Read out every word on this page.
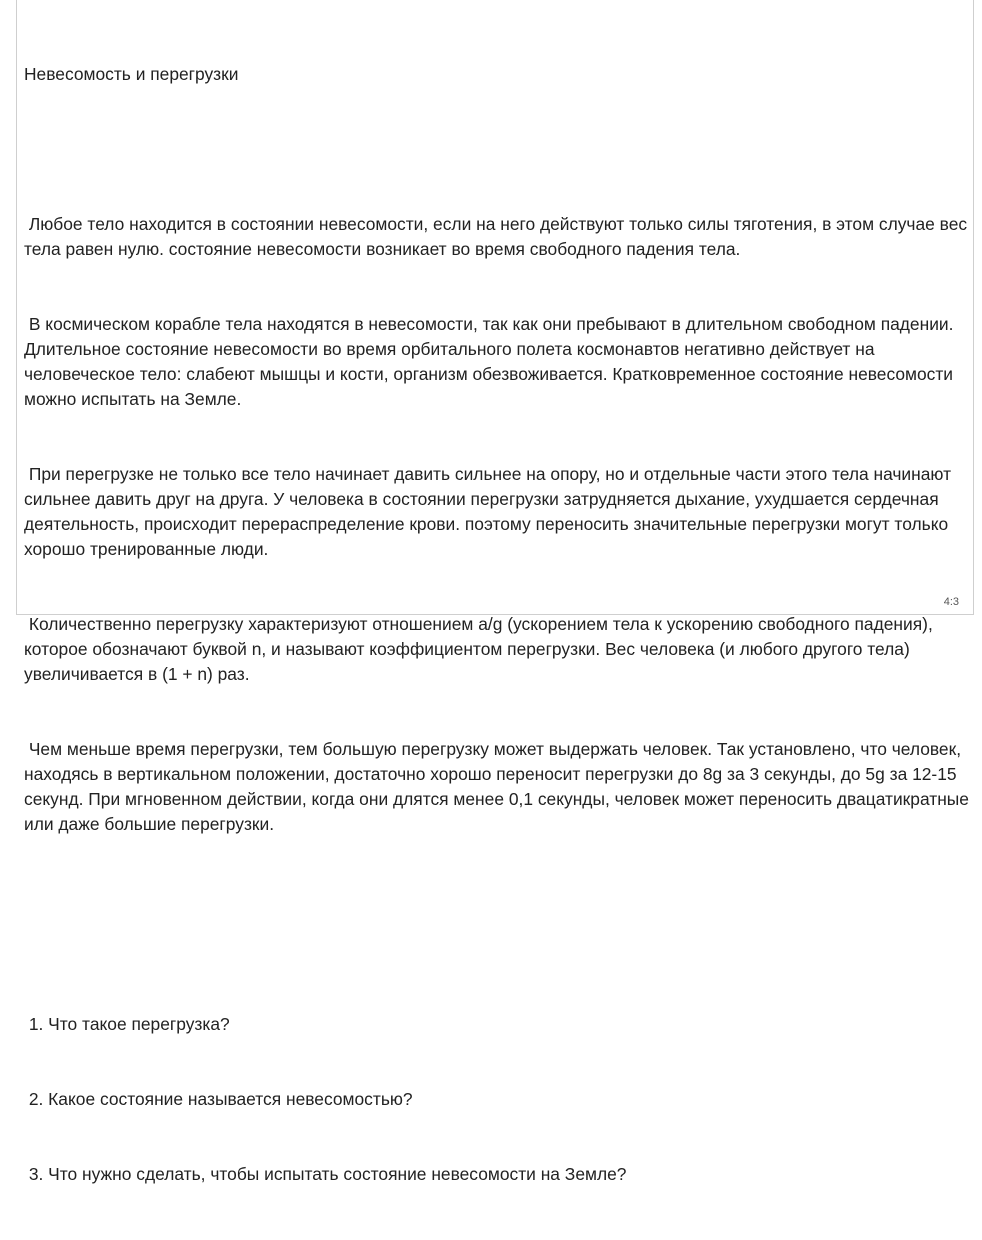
Невесомость и перегрузки

Любое тело находится в состоянии невесомости, если на него действуют только силы тяготения, в этом случае вес тела равен нулю. состояние невесомости возникает во время свободного падения тела.

В космическом корабле тела находятся в невесомости, так как они пребывают в длительном свободном падении. Длительное состояние невесомости во время орбитального полета космонавтов негативно действует на человеческое тело: слабеют мышцы и кости, организм обезвоживается. Кратковременное состояние невесомости можно испытать на Земле.

При перегрузке не только все тело начинает давить сильнее на опору, но и отдельные части этого тела начинают сильнее давить друг на друга. У человека в состоянии перегрузки затрудняется дыхание, ухудшается сердечная деятельность, происходит перераспределение крови. поэтому переносить значительные перегрузки могут только хорошо тренированные люди.

Количественно перегрузку характеризуют отношением a/g (ускорением тела к ускорению свободного падения), которое обозначают буквой n, и называют коэффициентом перегрузки. Вес человека (и любого другого тела) увеличивается в (1 + n) раз.

Чем меньше время перегрузки, тем большую перегрузку может выдержать человек. Так установлено, что человек, находясь в вертикальном положении, достаточно хорошо переносит перегрузки до 8g за 3 секунды, до 5g за 12-15 секунд. При мгновенном действии, когда они длятся менее 0,1 секунды, человек может переносить двацатикратные или даже большие перегрузки.

1. Что такое перегрузка?

2. Какое состояние называется невесомостью?

3. Что нужно сделать, чтобы испытать состояние невесомости на Земле?

4:3
